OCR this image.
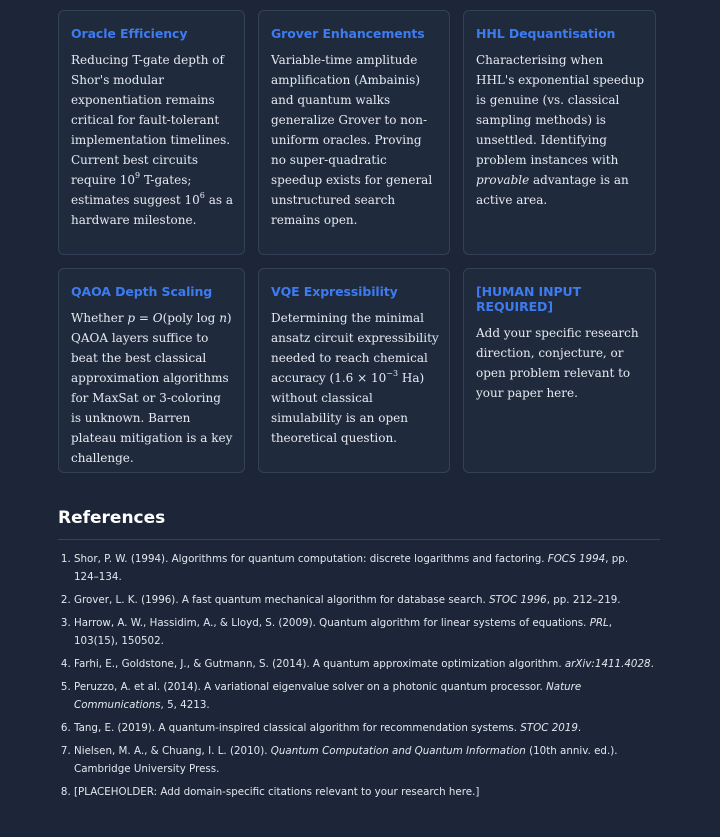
Oracle Efficiency

Reducing T-gate depth of Shor's modular exponentiation remains critical for fault-tolerant implementation timelines. Current best circuits require $10^9$ T-gates; estimates suggest $10^6$ as a hardware milestone.

Grover Enhancements

Variable-time amplitude amplification (Ambainis) and quantum walks generalize Grover to non-uniform oracles. Proving no super-quadratic speedup exists for general unstructured search remains open.

HHL Dequantisation

Characterising when HHL's exponential speedup is genuine (vs. classical sampling methods) is unsettled. Identifying problem instances with provable advantage is an active area.

QAOA Depth Scaling

Whether p = O(poly log n) QAOA layers suffice to beat the best classical approximation algorithms for MaxSat or 3-coloring is unknown. Barren plateau mitigation is a key challenge.

VQE Expressibility

Determining the minimal ansatz circuit expressibility needed to reach chemical accuracy ($1.6 \times 10^{-3}$ Ha) without classical simulability is an open theoretical question.

[HUMAN INPUT REQUIRED]

Add your specific research direction, conjecture, or open problem relevant to your paper here.

References
1. Shor, P. W. (1994). Algorithms for quantum computation: discrete logarithms and factoring. FOCS 1994, pp. 124–134.
2. Grover, L. K. (1996). A fast quantum mechanical algorithm for database search. STOC 1996, pp. 212–219.
3. Harrow, A. W., Hassidim, A., & Lloyd, S. (2009). Quantum algorithm for linear systems of equations. PRL, 103(15), 150502.
4. Farhi, E., Goldstone, J., & Gutmann, S. (2014). A quantum approximate optimization algorithm. arXiv:1411.4028.
5. Peruzzo, A. et al. (2014). A variational eigenvalue solver on a photonic quantum processor. Nature Communications, 5, 4213.
6. Tang, E. (2019). A quantum-inspired classical algorithm for recommendation systems. STOC 2019.
7. Nielsen, M. A., & Chuang, I. L. (2010). Quantum Computation and Quantum Information (10th anniv. ed.). Cambridge University Press.
8. [PLACEHOLDER: Add domain-specific citations relevant to your research here.]
